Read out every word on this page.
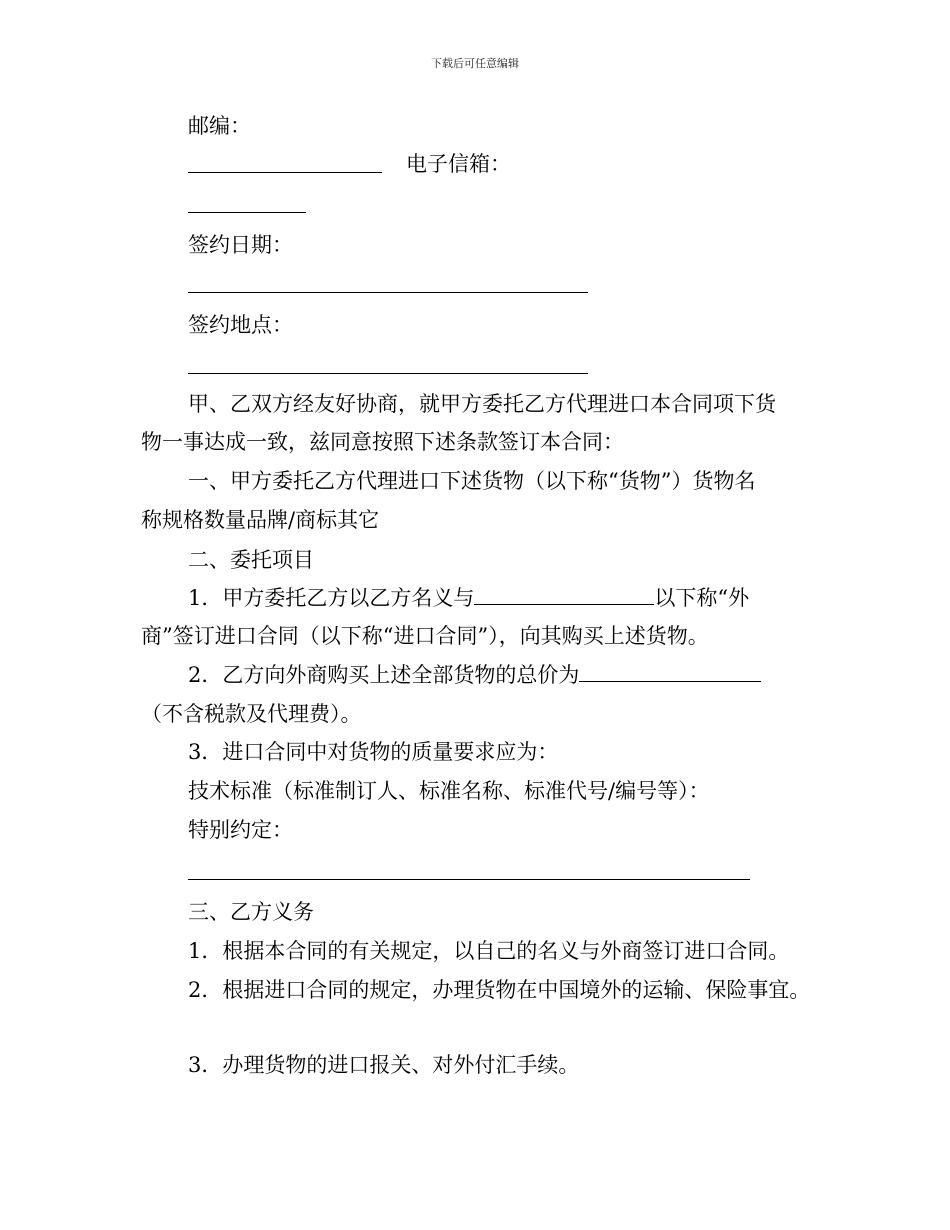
下载后可任意编辑
邮编：
电子信箱：
签约日期：
签约地点：
甲、乙双方经友好协商，就甲方委托乙方代理进口本合同项下货
物一事达成一致，兹同意按照下述条款签订本合同：
一、甲方委托乙方代理进口下述货物（以下称“货物”）货物名
称规格数量品牌/商标其它
二、委托项目
1．甲方委托乙方以乙方名义与	以下称“外
商”签订进口合同（以下称“进口合同”），向其购买上述货物。
2．乙方向外商购买上述全部货物的总价为
（不含税款及代理费）。
3．进口合同中对货物的质量要求应为：
技术标准（标准制订人、标准名称、标准代号/编号等）：
特别约定：
三、乙方义务
1．根据本合同的有关规定，以自己的名义与外商签订进口合同。
2．根据进口合同的规定，办理货物在中国境外的运输、保险事宜。
3．办理货物的进口报关、对外付汇手续。
